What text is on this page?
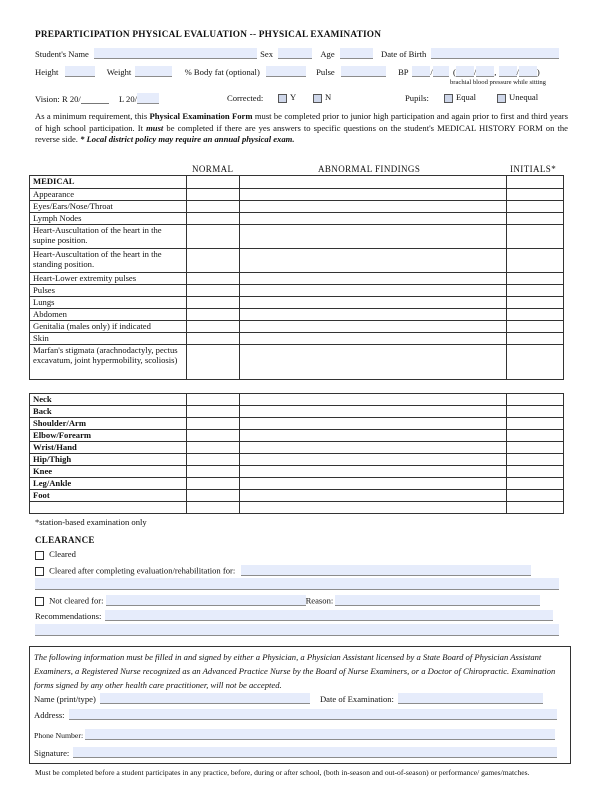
PREPARTICIPATION PHYSICAL EVALUATION -- PHYSICAL EXAMINATION
Student's Name	Sex	Age	Date of Birth
Height	Weight	% Body fat (optional)	Pulse	BP	/ ( / , / )
brachial blood pressure while sitting
Vision: R 20/	L 20/	Corrected:	Y	N	Pupils:	Equal	Unequal
As a minimum requirement, this Physical Examination Form must be completed prior to junior high participation and again prior to first and third years of high school participation. It must be completed if there are yes answers to specific questions on the student's MEDICAL HISTORY FORM on the reverse side. * Local district policy may require an annual physical exam.
NORMAL	ABNORMAL FINDINGS	INITIALS*
MEDICAL			
Appearance			
Eyes/Ears/Nose/Throat			
Lymph Nodes			
Heart-Auscultation of the heart in the supine position.			
Heart-Auscultation of the heart in the standing position.			
Heart-Lower extremity pulses			
Pulses			
Lungs			
Abdomen			
Genitalia (males only) if indicated			
Skin			
Marfan's stigmata (arachnodactyly, pectus excavatum, joint hypermobility, scoliosis)			
Neck			
Back			
Shoulder/Arm			
Elbow/Forearm			
Wrist/Hand			
Hip/Thigh			
Knee			
Leg/Ankle			
Foot			

*station-based examination only
CLEARANCE
Cleared
Cleared after completing evaluation/rehabilitation for:
Not cleared for:	Reason:
Recommendations:
The following information must be filled in and signed by either a Physician, a Physician Assistant licensed by a State Board of Physician Assistant Examiners, a Registered Nurse recognized as an Advanced Practice Nurse by the Board of Nurse Examiners, or a Doctor of Chiropractic. Examination forms signed by any other health care practitioner, will not be accepted.
Name (print/type)	Date of Examination:
Address:
Phone Number:
Signature:
Must be completed before a student participates in any practice, before, during or after school, (both in-season and out-of-season) or performance/ games/matches.
